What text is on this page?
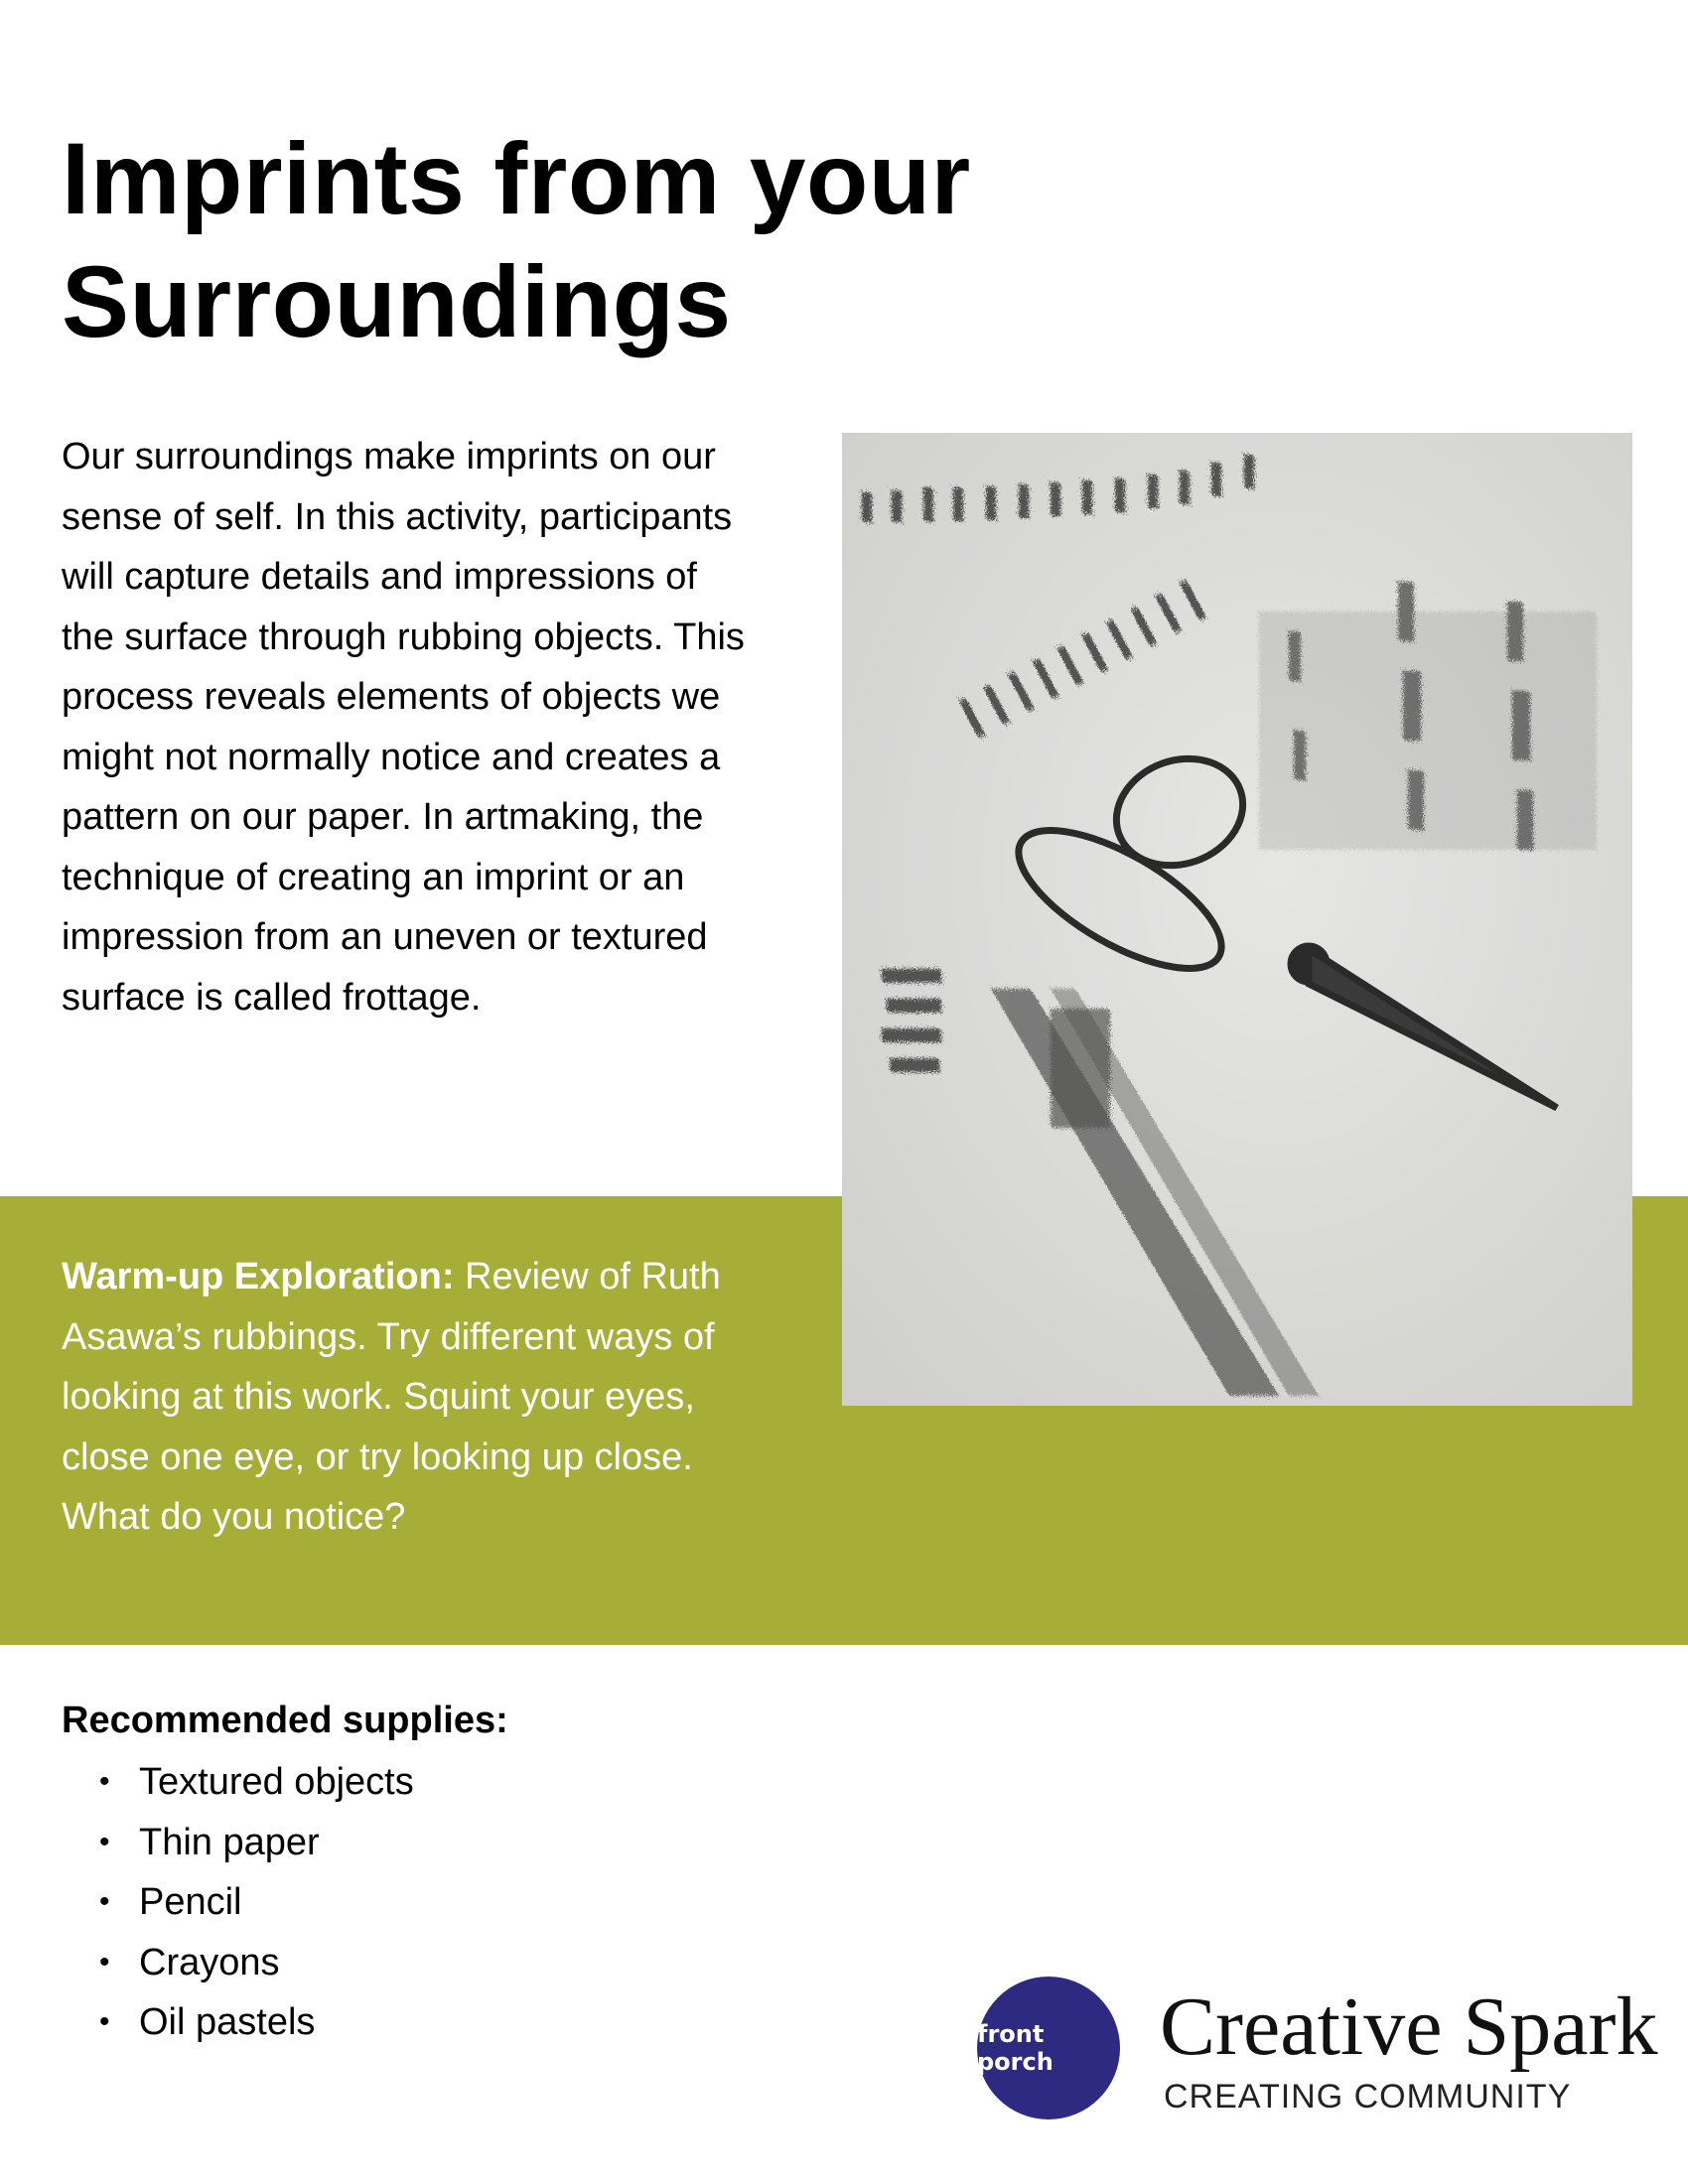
Imprints from your
Surroundings

Our surroundings make imprints on our sense of self. In this activity, participants will capture details and impressions of the surface through rubbing objects. This process reveals elements of objects we might not normally notice and creates a pattern on our paper. In artmaking, the technique of creating an imprint or an impression from an uneven or textured surface is called frottage.

Warm-up Exploration: Review of Ruth Asawa’s rubbings. Try different ways of looking at this work. Squint your eyes, close one eye, or try looking up close. What do you notice?

Recommended supplies:

• Textured objects
• Thin paper
• Pencil
• Crayons
• Oil pastels	front porch	Creative Spark

CREATING COMMUNITY
